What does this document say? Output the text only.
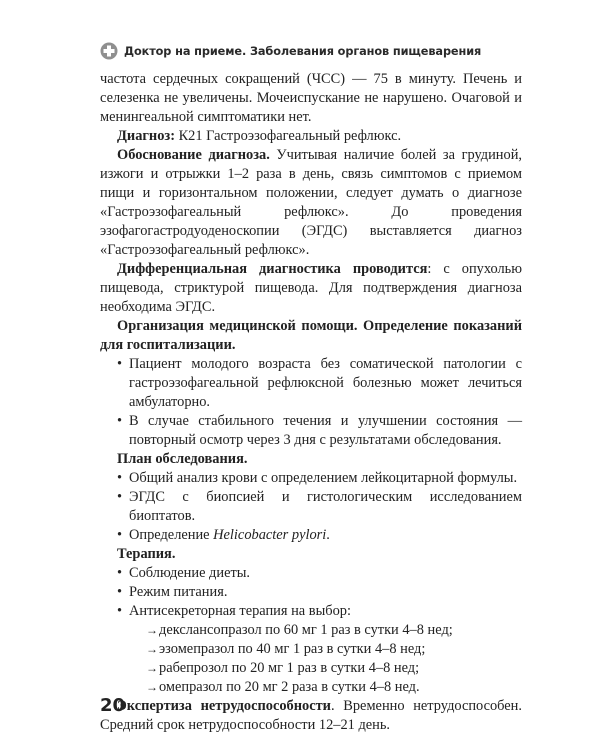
Доктор на приеме. Заболевания органов пищеварения

частота сердечных сокращений (ЧСС) — 75 в минуту. Печень и селезенка не увеличены. Мочеиспускание не нарушено. Очаговой и менингеальной симптоматики нет.

Диагноз: К21 Гастроэзофагеальный рефлюкс.

Обоснование диагноза. Учитывая наличие болей за грудиной, изжоги и отрыжки 1–2 раза в день, связь симптомов с приемом пищи и горизонтальном положении, следует думать о диагнозе «Гастроэзофагеальный рефлюкс». До проведения эзофагогастродуоденоскопии (ЭГДС) выставляется диагноз «Гастроэзофагеальный рефлюкс».

Дифференциальная диагностика проводится: с опухолью пищевода, стриктурой пищевода. Для подтверждения диагноза необходима ЭГДС.

Организация медицинской помощи. Определение показаний для госпитализации.

• Пациент молодого возраста без соматической патологии с гастроэзофагеальной рефлюксной болезнью может лечиться амбулаторно.
• В случае стабильного течения и улучшении состояния — повторный осмотр через 3 дня с результатами обследования.

План обследования.

• Общий анализ крови с определением лейкоцитарной формулы.
• ЭГДС с биопсией и гистологическим исследованием биоптатов.
• Определение Helicobacter pylori.

Терапия.

• Соблюдение диеты.
• Режим питания.
• Антисекреторная терапия на выбор:
→ декслансопразол по 60 мг 1 раз в сутки 4–8 нед;
→ эзомепразол по 40 мг 1 раз в сутки 4–8 нед;
→ рабепрозол по 20 мг 1 раз в сутки 4–8 нед;
→ омепразол по 20 мг 2 раза в сутки 4–8 нед.

Экспертиза нетрудоспособности. Временно нетрудоспособен. Средний срок нетрудоспособности 12–21 день.

20
